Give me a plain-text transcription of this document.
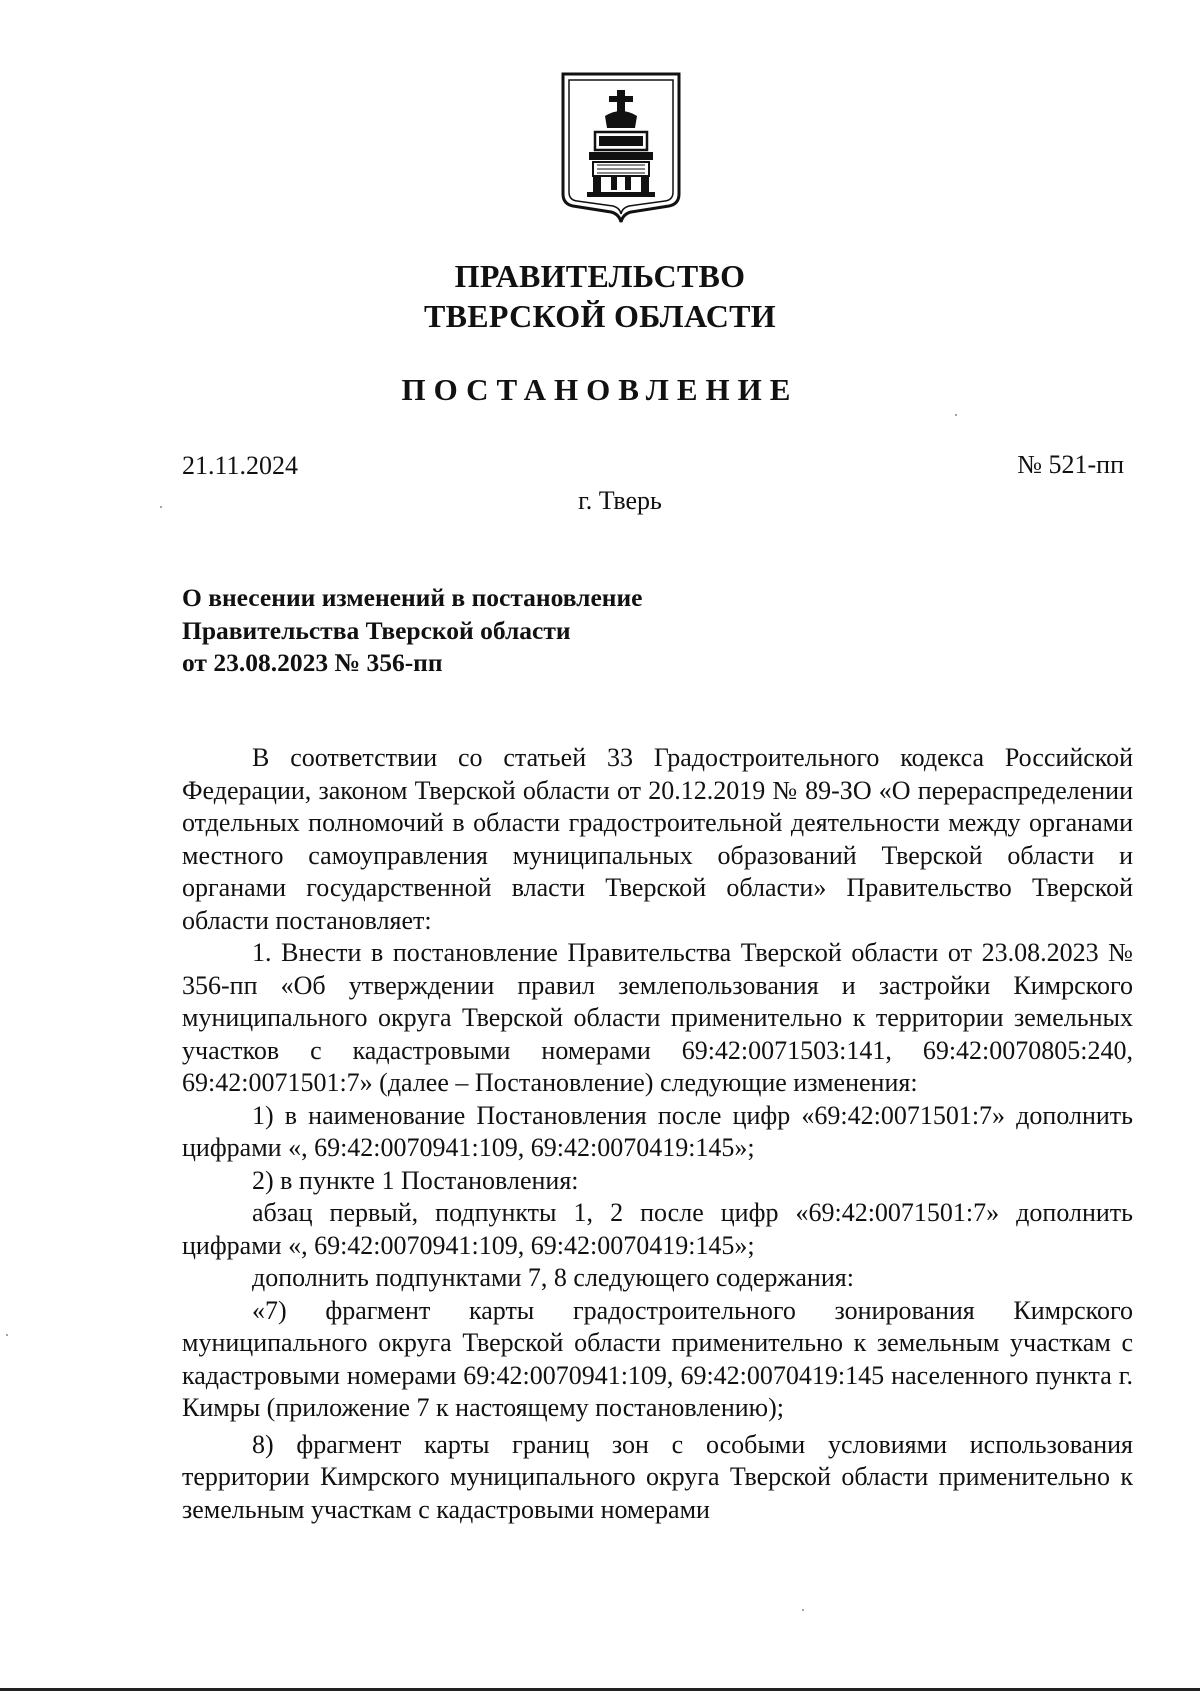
ПРАВИТЕЛЬСТВО
ТВЕРСКОЙ ОБЛАСТИ
ПОСТАНОВЛЕНИЕ
21.11.2024	№ 521-пп
г. Тверь
О внесении изменений в постановление
Правительства Тверской области
от 23.08.2023 № 356-пп

В соответствии со статьей 33 Градостроительного кодекса Российской Федерации, законом Тверской области от 20.12.2019 № 89-ЗО «О перераспределении отдельных полномочий в области градостроительной деятельности между органами местного самоуправления муниципальных образований Тверской области и органами государственной власти Тверской области» Правительство Тверской области постановляет:

1. Внести в постановление Правительства Тверской области от 23.08.2023 № 356-пп «Об утверждении правил землепользования и застройки Кимрского муниципального округа Тверской области применительно к территории земельных участков с кадастровыми номерами 69:42:0071503:141, 69:42:0070805:240, 69:42:0071501:7» (далее – Постановление) следующие изменения:

1) в наименование Постановления после цифр «69:42:0071501:7» дополнить цифрами «, 69:42:0070941:109, 69:42:0070419:145»;

2) в пункте 1 Постановления:

абзац первый, подпункты 1, 2 после цифр «69:42:0071501:7» дополнить цифрами «, 69:42:0070941:109, 69:42:0070419:145»;

дополнить подпунктами 7, 8 следующего содержания:

«7) фрагмент карты градостроительного зонирования Кимрского муниципального округа Тверской области применительно к земельным участкам с кадастровыми номерами 69:42:0070941:109, 69:42:0070419:145 населенного пункта г. Кимры (приложение 7 к настоящему постановлению);

8) фрагмент карты границ зон с особыми условиями использования территории Кимрского муниципального округа Тверской области применительно к земельным участкам с кадастровыми номерами
